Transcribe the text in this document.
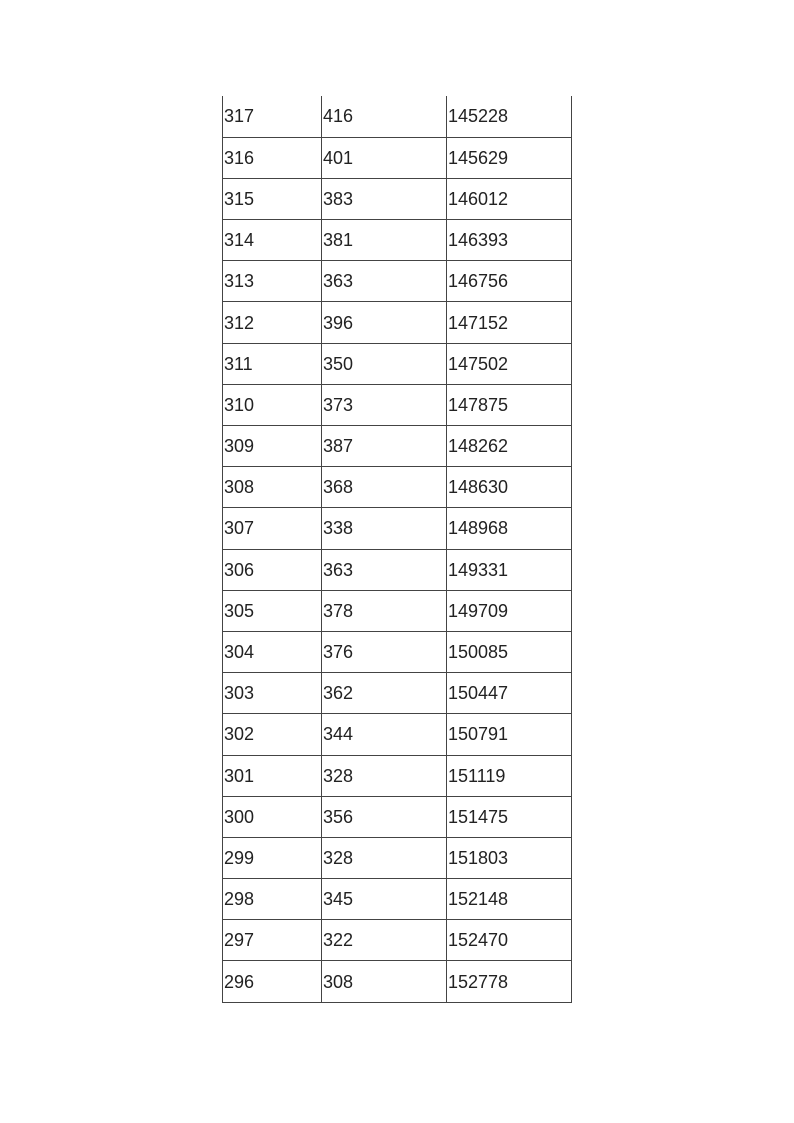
317	416	145228
316	401	145629
315	383	146012
314	381	146393
313	363	146756
312	396	147152
311	350	147502
310	373	147875
309	387	148262
308	368	148630
307	338	148968
306	363	149331
305	378	149709
304	376	150085
303	362	150447
302	344	150791
301	328	151119
300	356	151475
299	328	151803
298	345	152148
297	322	152470
296	308	152778
